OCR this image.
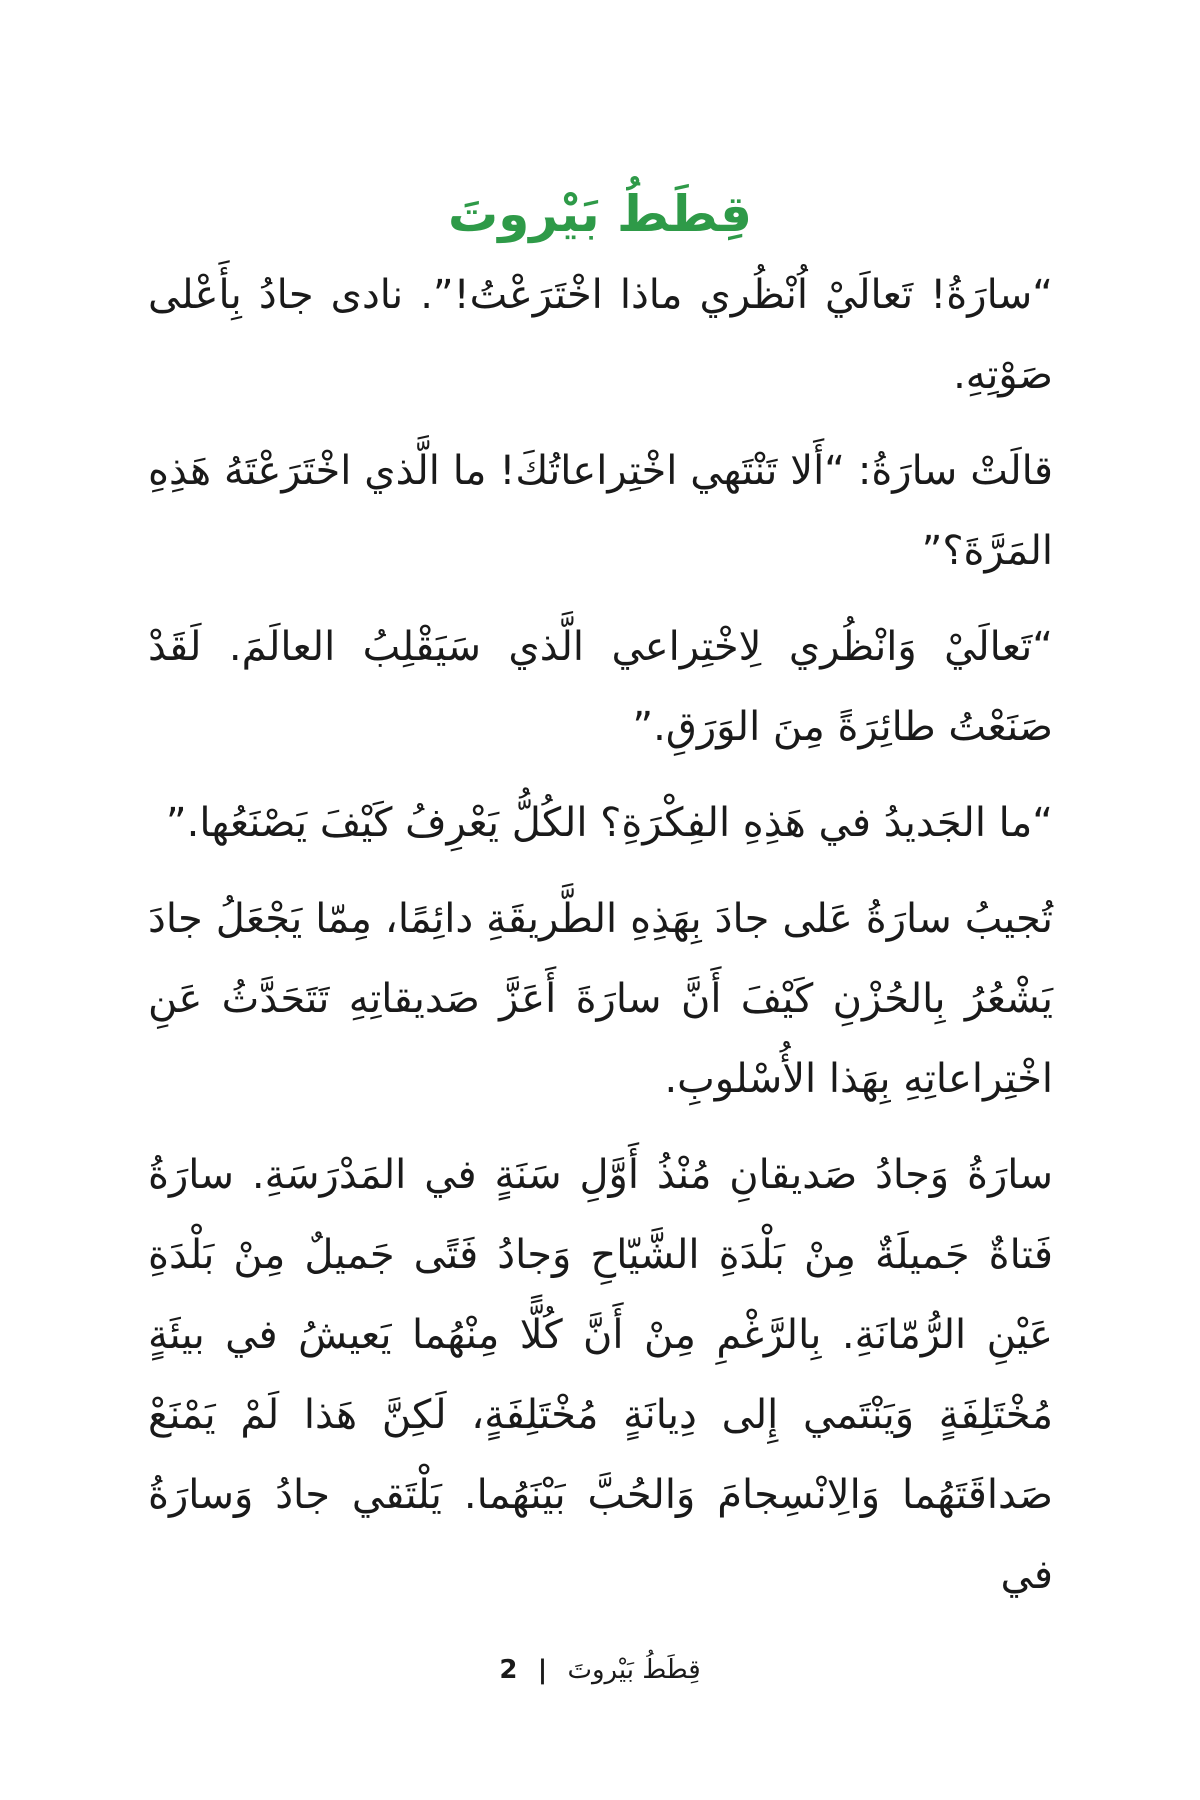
قِطَطُ بَيْروتَ

“سارَةُ! تَعالَيْ اُنْظُري ماذا اخْتَرَعْتُ!”. نادى جادُ بِأَعْلى صَوْتِهِ.

قالَتْ سارَةُ: “أَلا تَنْتَهي اخْتِراعاتُكَ! ما الَّذي اخْتَرَعْتَهُ هَذِهِ المَرَّةَ؟”

“تَعالَيْ وَانْظُري لِاخْتِراعي الَّذي سَيَقْلِبُ العالَمَ. لَقَدْ صَنَعْتُ طائِرَةً مِنَ الوَرَقِ.”

“ما الجَديدُ في هَذِهِ الفِكْرَةِ؟ الكُلُّ يَعْرِفُ كَيْفَ يَصْنَعُها.”

تُجيبُ سارَةُ عَلى جادَ بِهَذِهِ الطَّريقَةِ دائِمًا، مِمّا يَجْعَلُ جادَ يَشْعُرُ بِالحُزْنِ كَيْفَ أَنَّ سارَةَ أَعَزَّ صَديقاتِهِ تَتَحَدَّثُ عَنِ اخْتِراعاتِهِ بِهَذا الأُسْلوبِ.

سارَةُ وَجادُ صَديقانِ مُنْذُ أَوَّلِ سَنَةٍ في المَدْرَسَةِ. سارَةُ فَتاةٌ جَميلَةٌ مِنْ بَلْدَةِ الشَّيّاحِ وَجادُ فَتًى جَميلٌ مِنْ بَلْدَةِ عَيْنِ الرُّمّانَةِ. بِالرَّغْمِ مِنْ أَنَّ كُلًّا مِنْهُما يَعيشُ في بيئَةٍ مُخْتَلِفَةٍ وَيَنْتَمي إِلى دِيانَةٍ مُخْتَلِفَةٍ، لَكِنَّ هَذا لَمْ يَمْنَعْ صَداقَتَهُما وَالِانْسِجامَ وَالحُبَّ بَيْنَهُما. يَلْتَقي جادُ وَسارَةُ في

قِطَطُ بَيْروتَ | 2
